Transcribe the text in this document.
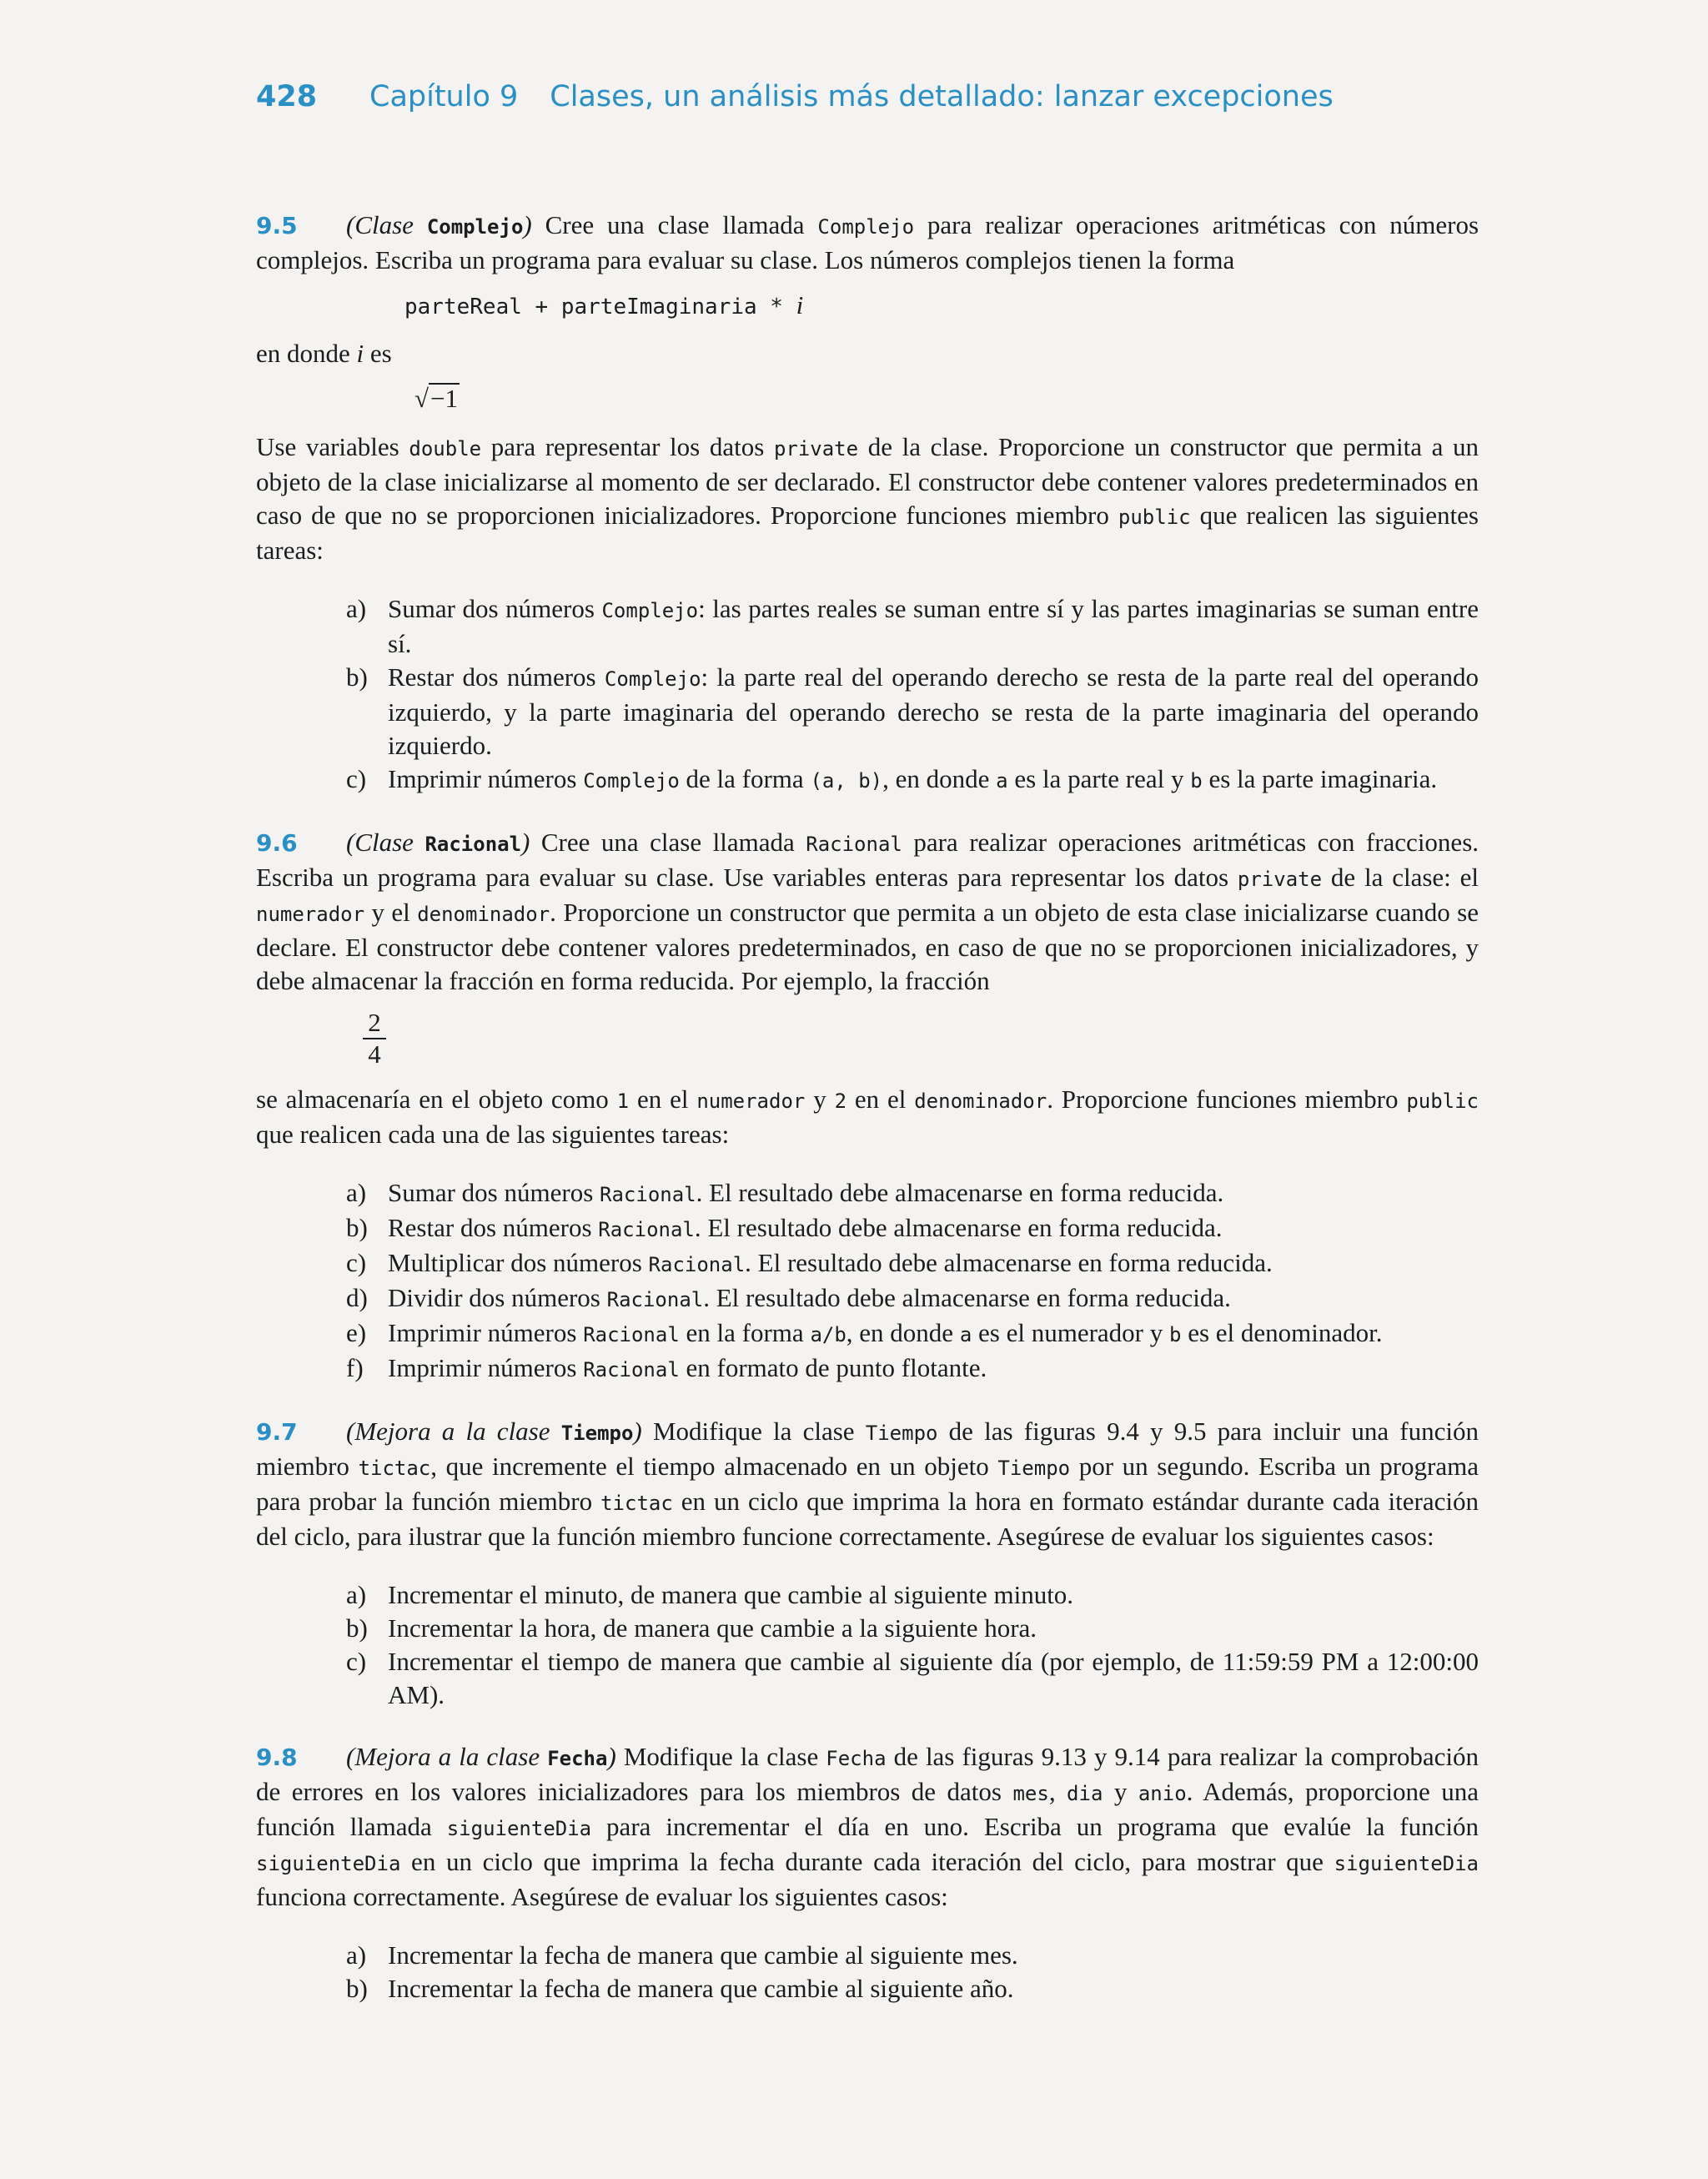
428 Capítulo 9 Clases, un análisis más detallado: lanzar excepciones

9.5 (Clase Complejo) Cree una clase llamada Complejo para realizar operaciones aritméticas con números complejos. Escriba un programa para evaluar su clase. Los números complejos tienen la forma

parteReal + parteImaginaria * i

en donde i es

√−1

Use variables double para representar los datos private de la clase. Proporcione un constructor que permita a un objeto de la clase inicializarse al momento de ser declarado. El constructor debe contener valores predeterminados en caso de que no se proporcionen inicializadores. Proporcione funciones miembro public que realicen las siguientes tareas:

a) Sumar dos números Complejo: las partes reales se suman entre sí y las partes imaginarias se suman entre sí.
b) Restar dos números Complejo: la parte real del operando derecho se resta de la parte real del operando izquierdo, y la parte imaginaria del operando derecho se resta de la parte imaginaria del operando izquierdo.
c) Imprimir números Complejo de la forma (a, b), en donde a es la parte real y b es la parte imaginaria.

9.6 (Clase Racional) Cree una clase llamada Racional para realizar operaciones aritméticas con fracciones. Escriba un programa para evaluar su clase. Use variables enteras para representar los datos private de la clase: el numerador y el denominador. Proporcione un constructor que permita a un objeto de esta clase inicializarse cuando se declare. El constructor debe contener valores predeterminados, en caso de que no se proporcionen inicializadores, y debe almacenar la fracción en forma reducida. Por ejemplo, la fracción

2
4

se almacenaría en el objeto como 1 en el numerador y 2 en el denominador. Proporcione funciones miembro public que realicen cada una de las siguientes tareas:

a) Sumar dos números Racional. El resultado debe almacenarse en forma reducida.
b) Restar dos números Racional. El resultado debe almacenarse en forma reducida.
c) Multiplicar dos números Racional. El resultado debe almacenarse en forma reducida.
d) Dividir dos números Racional. El resultado debe almacenarse en forma reducida.
e) Imprimir números Racional en la forma a/b, en donde a es el numerador y b es el denominador.
f) Imprimir números Racional en formato de punto flotante.

9.7 (Mejora a la clase Tiempo) Modifique la clase Tiempo de las figuras 9.4 y 9.5 para incluir una función miembro tictac, que incremente el tiempo almacenado en un objeto Tiempo por un segundo. Escriba un programa para probar la función miembro tictac en un ciclo que imprima la hora en formato estándar durante cada iteración del ciclo, para ilustrar que la función miembro funcione correctamente. Asegúrese de evaluar los siguientes casos:

a) Incrementar el minuto, de manera que cambie al siguiente minuto.
b) Incrementar la hora, de manera que cambie a la siguiente hora.
c) Incrementar el tiempo de manera que cambie al siguiente día (por ejemplo, de 11:59:59 PM a 12:00:00 AM).

9.8 (Mejora a la clase Fecha) Modifique la clase Fecha de las figuras 9.13 y 9.14 para realizar la comprobación de errores en los valores inicializadores para los miembros de datos mes, dia y anio. Además, proporcione una función llamada siguienteDia para incrementar el día en uno. Escriba un programa que evalúe la función siguienteDia en un ciclo que imprima la fecha durante cada iteración del ciclo, para mostrar que siguienteDia funciona correctamente. Asegúrese de evaluar los siguientes casos:

a) Incrementar la fecha de manera que cambie al siguiente mes.
b) Incrementar la fecha de manera que cambie al siguiente año.
